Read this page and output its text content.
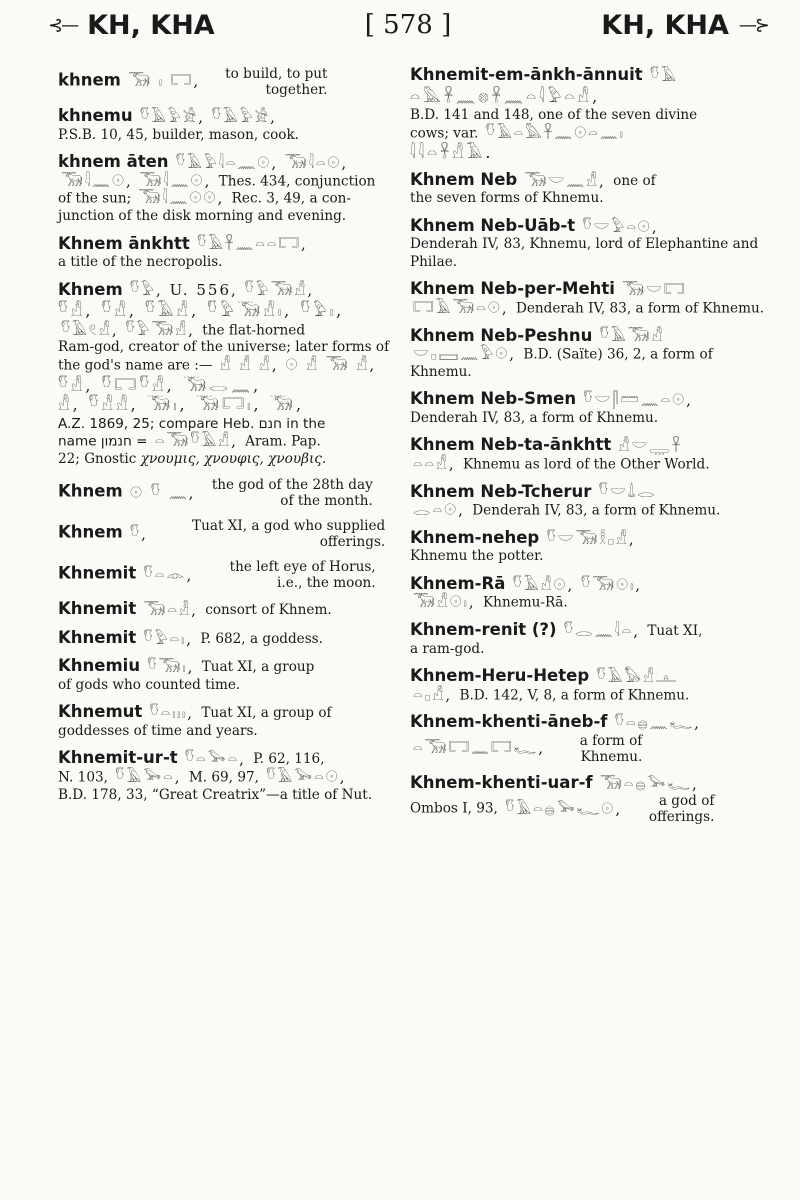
⊰— KH, KHA	[ 578 ]	KH, KHA —⊱
khnem 𓃝 𓏤 𓉐, to build, to put together.
khnemu 𓎸𓄿𓅱𓀀, 𓎸𓄿𓅱𓀀,
P.S.B. 10, 45, builder, mason, cook.
khnem āten 𓎸𓄿𓅱𓇋𓏏𓈖𓇳, 𓃝𓇋𓏏𓇳,
𓃝𓇋𓈖𓇳, 𓃝𓇋𓈖𓇳, Thes. 434, conjunction
of the sun; 𓃝𓇋𓈖𓇳𓇳, Rec. 3, 49, a con-
junction of the disk morning and evening.
Khnem ānkhtt 𓎸𓄿𓋹𓈖𓏏𓏏𓉐,
a title of the necropolis.
Khnem 𓎸𓅱, U. 556, 𓎸𓅱𓃝𓀭,
𓎸𓀭, 𓎸𓀭, 𓎸𓄿𓀭, 𓎸𓅱𓃝𓀭𓏤, 𓎸𓅱𓏤,
𓎸𓄿𓏲𓀭, 𓎸𓅱𓃝𓀭, the flat-horned
Ram-god, creator of the universe; later forms of
the god's name are :— 𓀭 𓀭 𓀭, 𓇳 𓀭 𓃝 𓀭,
𓎸𓀭, 𓎸𓉐𓎸𓀭, 𓃝𓂋𓈖,
𓀭, 𓎸𓀭𓀭, 𓃝𓏤, 𓃝𓉐𓏤, 𓃝,
A.Z. 1869, 25; compare Heb. חנם in the
name חנמון = 𓏏𓃝𓎸𓄿𓀭, Aram. Pap.
22; Gnostic χνουμις, χνουφις, χνουβις.
Khnem 𓇳 𓎸 𓈖, the god of the 28th day of the month.
Khnem 𓎸,	Tuat XI, a god who supplied offerings.
Khnemit 𓎸𓏏𓁹,	the left eye of Horus, i.e., the moon.
Khnemit 𓃝𓏏𓁐, consort of Khnem.
Khnemit 𓎸𓅱𓏏𓏤, P. 682, a goddess.
Khnemiu 𓎸𓃝𓏤, Tuat XI, a group
of gods who counted time.
Khnemut 𓎸𓏏𓏥, Tuat XI, a group of
goddesses of time and years.
Khnemit-ur-t 𓎸𓏏𓅨𓏏, P. 62, 116,
N. 103, 𓎸𓄿𓅨𓏏, M. 69, 97, 𓎸𓄿𓅨𓏏𓇳,
B.D. 178, 33, “Great Creatrix”—a title of Nut.
Khnemit-em-ānkh-ānnuit 𓎸𓄿
𓏏𓅓𓋹𓈖𓊖𓋹𓈖𓏏𓇋𓅱𓏏𓀭,
B.D. 141 and 148, one of the seven divine
cows; var. 𓎸𓄿𓏏𓅓𓋹𓈖𓇳𓏏𓈖𓏤
𓇋𓇋𓏏𓋹𓀭𓄿.
Khnem Neb 𓃝𓎟𓈖𓀭, one of
the seven forms of Khnemu.
Khnem Neb-Uāb-t 𓎸𓎟𓅱𓏏𓇳,
Denderah IV, 83, Khnemu, lord of Elephantine and Philae.
Khnem Neb-per-Mehti 𓃝𓎟𓉐
𓉐𓄿𓃝𓏏𓇳, Denderah IV, 83, a form of Khnemu.
Khnem Neb-Peshnu 𓎸𓄿𓃝𓀭
𓎟𓊪𓈙𓈖𓅱𓇳, B.D. (Saïte) 36, 2, a form of Khnemu.
Khnem Neb-Smen 𓎸𓎟𓋴𓏠𓈖𓏏𓇳,
Denderah IV, 83, a form of Khnemu.
Khnem Neb-ta-ānkhtt 𓀭𓎟𓇾𓋹
𓏏𓏏𓀭, Khnemu as lord of the Other World.
Khnem Neb-Tcherur 𓎸𓎟𓍑𓂋
𓂋𓏏𓇳, Denderah IV, 83, a form of Khnemu.
Khnem-nehep 𓎸𓎟𓃝𓎛𓊪𓀭,
Khnemu the potter.
Khnem-Rā 𓎸𓄿𓀭𓇳, 𓎸𓃝𓇳𓏤,
𓃝𓀭𓇳𓏤, Khnemu-Rā.
Khnem-renit (?) 𓎸𓂋𓈖𓇋𓏏, Tuat XI,
a ram-god.
Khnem-Heru-Hetep 𓎸𓄿𓅃𓀭𓊵
𓏏𓊪𓀭, B.D. 142, V, 8, a form of Khnemu.
Khnem-khenti-āneb-f 𓎸𓏏𓐍𓈖𓆑,
𓏏𓃝𓉐𓈖𓉐𓆑,	a form of Khnemu.
Khnem-khenti-uar-f 𓃝𓏏𓐍𓅨𓆑,
Ombos I, 93, 𓎸𓄿𓏏𓐍𓅨𓆑𓇳,	a god of offerings.
